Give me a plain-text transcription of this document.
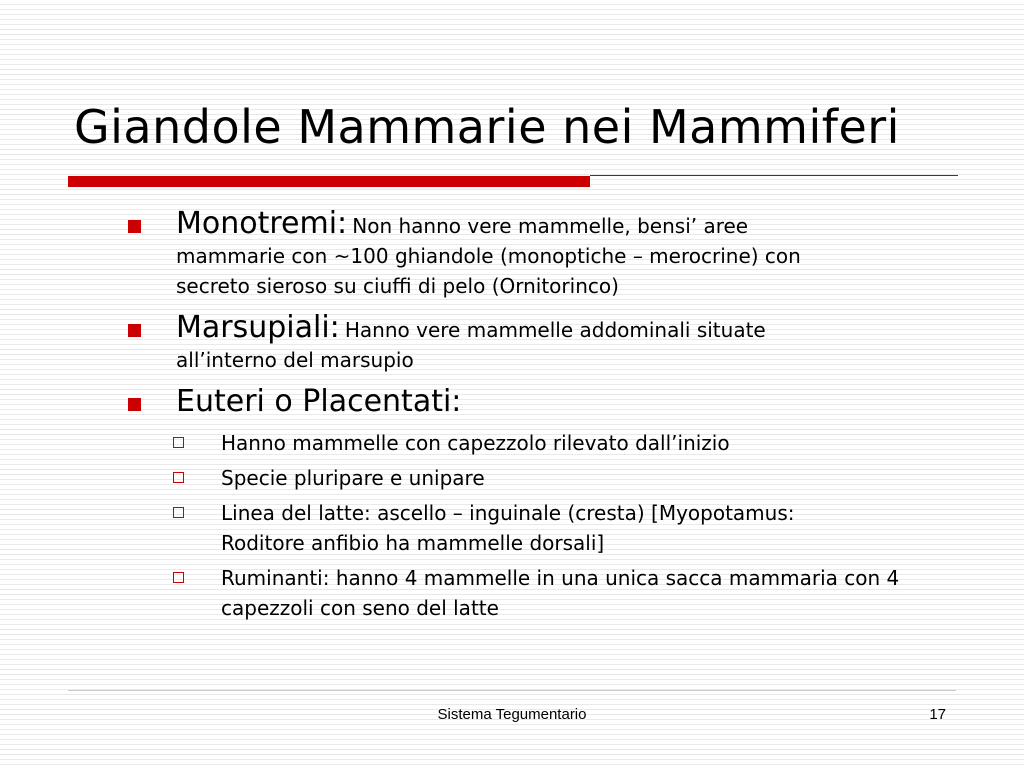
Giandole Mammarie nei Mammiferi
Monotremi: Non hanno vere mammelle, bensi’ aree
mammarie con ~100 ghiandole (monoptiche – merocrine) con
secreto sieroso su ciuffi di pelo (Ornitorinco)
Marsupiali: Hanno vere mammelle addominali situate
all’interno del marsupio
Euteri o Placentati:
Hanno mammelle con capezzolo rilevato dall’inizio
Specie pluripare e unipare
Linea del latte: ascello – inguinale (cresta) [Myopotamus:
Roditore anfibio ha mammelle dorsali]
Ruminanti: hanno 4 mammelle in una unica sacca mammaria con 4
capezzoli con seno del latte
Sistema Tegumentario	17
